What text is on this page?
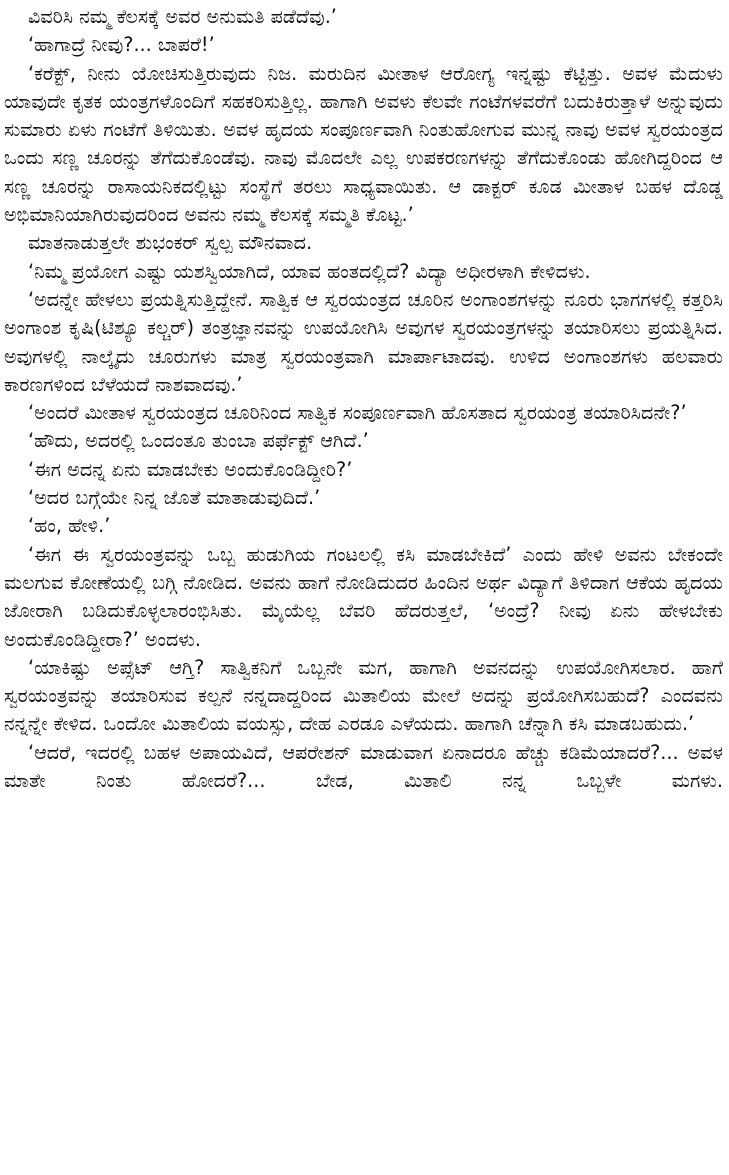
ವಿವರಿಸಿ ನಮ್ಮ ಕೆಲಸಕ್ಕೆ ಅವರ ಅನುಮತಿ ಪಡೆದೆವು.’

‘ಹಾಗಾದ್ರೆ ನೀವು?... ಬಾಪರೆ!’

‘ಕರೆಕ್ಟ್, ನೀನು ಯೋಚಿಸುತ್ತಿರುವುದು ನಿಜ. ಮರುದಿನ ಮೀತಾಳ ಆರೋಗ್ಯ ಇನ್ನಷ್ಟು ಕೆಟ್ಟಿತ್ತು. ಅವಳ ಮೆದುಳು ಯಾವುದೇ ಕೃತಕ ಯಂತ್ರಗಳೊಂದಿಗೆ ಸಹಕರಿಸುತ್ತಿಲ್ಲ. ಹಾಗಾಗಿ ಅವಳು ಕೆಲವೇ ಗಂಟೆಗಳವರೆಗೆ ಬದುಕಿರುತ್ತಾಳೆ ಅನ್ನುವುದು ಸುಮಾರು ಏಳು ಗಂಟೆಗೆ ತಿಳಿಯಿತು. ಅವಳ ಹೃದಯ ಸಂಪೂರ್ಣವಾಗಿ ನಿಂತುಹೋಗುವ ಮುನ್ನ ನಾವು ಅವಳ ಸ್ವರಯಂತ್ರದ ಒಂದು ಸಣ್ಣ ಚೂರನ್ನು ತೆಗೆದುಕೊಂಡೆವು. ನಾವು ಮೊದಲೇ ಎಲ್ಲ ಉಪಕರಣಗಳನ್ನು ತೆಗೆದುಕೊಂಡು ಹೋಗಿದ್ದರಿಂದ ಆ ಸಣ್ಣ ಚೂರನ್ನು ರಾಸಾಯನಿಕದಲ್ಲಿಟ್ಟು ಸಂಸ್ಥೆಗೆ ತರಲು ಸಾಧ್ಯವಾಯಿತು. ಆ ಡಾಕ್ಟರ್ ಕೂಡ ಮೀತಾಳ ಬಹಳ ದೊಡ್ಡ ಅಭಿಮಾನಿಯಾಗಿರುವುದರಿಂದ ಅವನು ನಮ್ಮ ಕೆಲಸಕ್ಕೆ ಸಮ್ಮತಿ ಕೊಟ್ಟ.’

ಮಾತನಾಡುತ್ತಲೇ ಶುಭಂಕರ್ ಸ್ವಲ್ಪ ಮೌನವಾದ.

‘ನಿಮ್ಮ ಪ್ರಯೋಗ ಎಷ್ಟು ಯಶಸ್ವಿಯಾಗಿದೆ, ಯಾವ ಹಂತದಲ್ಲಿದೆ? ವಿದ್ಯಾ ಅಧೀರಳಾಗಿ ಕೇಳಿದಳು.

‘ಅದನ್ನೇ ಹೇಳಲು ಪ್ರಯತ್ನಿಸುತ್ತಿದ್ದೇನೆ. ಸಾತ್ವಿಕ ಆ ಸ್ವರಯಂತ್ರದ ಚೂರಿನ ಅಂಗಾಂಶಗಳನ್ನು ನೂರು ಭಾಗಗಳಲ್ಲಿ ಕತ್ತರಿಸಿ ಅಂಗಾಂಶ ಕೃಷಿ(ಟಿಶ್ಯೂ ಕಲ್ಚರ್) ತಂತ್ರಜ್ಞಾನವನ್ನು ಉಪಯೋಗಿಸಿ ಅವುಗಳ ಸ್ವರಯಂತ್ರಗಳನ್ನು ತಯಾರಿಸಲು ಪ್ರಯತ್ನಿಸಿದ. ಅವುಗಳಲ್ಲಿ ನಾಲ್ಕೈದು ಚೂರುಗಳು ಮಾತ್ರ ಸ್ವರಯಂತ್ರವಾಗಿ ಮಾರ್ಪಾಟಾದವು. ಉಳಿದ ಅಂಗಾಂಶಗಳು ಹಲವಾರು ಕಾರಣಗಳಿಂದ ಬೆಳೆಯದೆ ನಾಶವಾದವು.’

‘ಅಂದರೆ ಮೀತಾಳ ಸ್ವರಯಂತ್ರದ ಚೂರಿನಿಂದ ಸಾತ್ವಿಕ ಸಂಪೂರ್ಣವಾಗಿ ಹೊಸತಾದ ಸ್ವರಯಂತ್ರ ತಯಾರಿಸಿದನೇ?’

‘ಹೌದು, ಅದರಲ್ಲಿ ಒಂದಂತೂ ತುಂಬಾ ಪರ್ಫೆಕ್ಟ್ ಆಗಿದೆ.’

‘ಈಗ ಅದನ್ನ ಏನು ಮಾಡಬೇಕು ಅಂದುಕೊಂಡಿದ್ದೀರಿ?’

‘ಅದರ ಬಗ್ಗೆಯೇ ನಿನ್ನ ಜೊತೆ ಮಾತಾಡುವುದಿದೆ.’

‘ಹಂ, ಹೇಳಿ.’

‘ಈಗ ಈ ಸ್ವರಯಂತ್ರವನ್ನು ಒಬ್ಬ ಹುಡುಗಿಯ ಗಂಟಲಲ್ಲಿ ಕಸಿ ಮಾಡಬೇಕಿದೆ’ ಎಂದು ಹೇಳಿ ಅವನು ಬೇಕಂದೇ ಮಲಗುವ ಕೋಣೆಯಲ್ಲಿ ಬಗ್ಗಿ ನೋಡಿದ. ಅವನು ಹಾಗೆ ನೋಡಿದುದರ ಹಿಂದಿನ ಅರ್ಥ ವಿದ್ಯಾಗೆ ತಿಳಿದಾಗ ಆಕೆಯ ಹೃದಯ ಜೋರಾಗಿ ಬಡಿದುಕೊಳ್ಳಲಾರಂಭಿಸಿತು. ಮೈಯೆಲ್ಲ ಬೆವರಿ ಹೆದರುತ್ತಲೆ, ‘ಅಂದ್ರೆ? ನೀವು ಏನು ಹೇಳಬೇಕು ಅಂದುಕೊಂಡಿದ್ದೀರಾ?’ ಅಂದಳು.

‘ಯಾಕಿಷ್ಟು ಅಪ್ಸೆಟ್ ಆಗ್ತಿ? ಸಾತ್ವಿಕನಿಗೆ ಒಬ್ಬನೇ ಮಗ, ಹಾಗಾಗಿ ಅವನದನ್ನು ಉಪಯೋಗಿಸಲಾರ. ಹಾಗೆ ಸ್ವರಯಂತ್ರವನ್ನು ತಯಾರಿಸುವ ಕಲ್ಪನೆ ನನ್ನದಾದ್ದರಿಂದ ಮಿತಾಲಿಯ ಮೇಲೆ ಅದನ್ನು ಪ್ರಯೋಗಿಸಬಹುದೆ? ಎಂದವನು ನನ್ನನ್ನೇ ಕೇಳಿದ. ಒಂದೋ ಮಿತಾಲಿಯ ವಯಸ್ಸು, ದೇಹ ಎರಡೂ ಎಳೆಯದು. ಹಾಗಾಗಿ ಚೆನ್ನಾಗಿ ಕಸಿ ಮಾಡಬಹುದು.’

‘ಆದರೆ, ಇದರಲ್ಲಿ ಬಹಳ ಅಪಾಯವಿದೆ, ಆಪರೇಶನ್ ಮಾಡುವಾಗ ಏನಾದರೂ ಹೆಚ್ಚು ಕಡಿಮೆಯಾದರೆ?... ಅವಳ ಮಾತೇ ನಿಂತು ಹೋದರೆ?... ಬೇಡ, ಮಿತಾಲಿ ನನ್ನ ಒಬ್ಬಳೇ ಮಗಳು.
